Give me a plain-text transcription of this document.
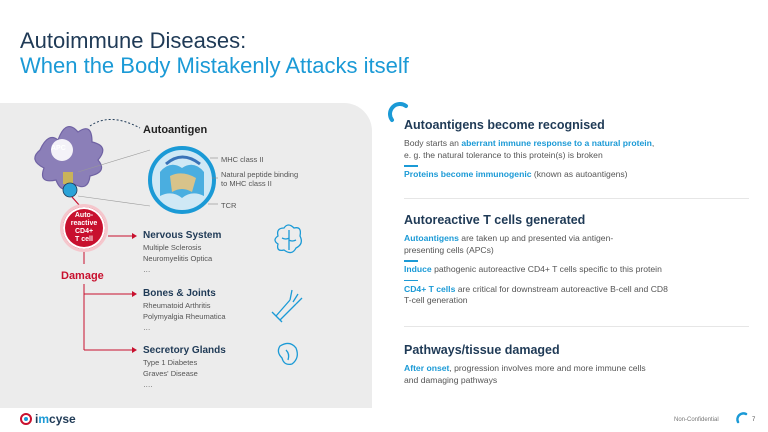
Autoimmune Diseases:
When the Body Mistakenly Attacks itself
APC
Autoantigen
MHC class II
Natural peptide binding
to MHC class II
TCR
Auto-
reactive
CD4+
T cell
Damage
Nervous System
Multiple Sclerosis
Neuromyelitis Optica
…
Bones & Joints
Rheumatoid Arthritis
Polymyalgia Rheumatica
…
Secretory Glands
Type 1 Diabetes
Graves' Disease
….
Autoantigens become recognised
Body starts an aberrant immune response to a natural protein,
e. g. the natural tolerance to this protein(s) is broken
Proteins become immunogenic (known as autoantigens)
Autoreactive T cells generated
Autoantigens are taken up and presented via antigen-
presenting cells (APCs)
Induce pathogenic autoreactive CD4+ T cells specific to this protein
CD4+ T cells are critical for downstream autoreactive B-cell and CD8
T-cell generation
Pathways/tissue damaged
After onset, progression involves more and more immune cells
and damaging pathways
imcyse	Non-Confidential	7
